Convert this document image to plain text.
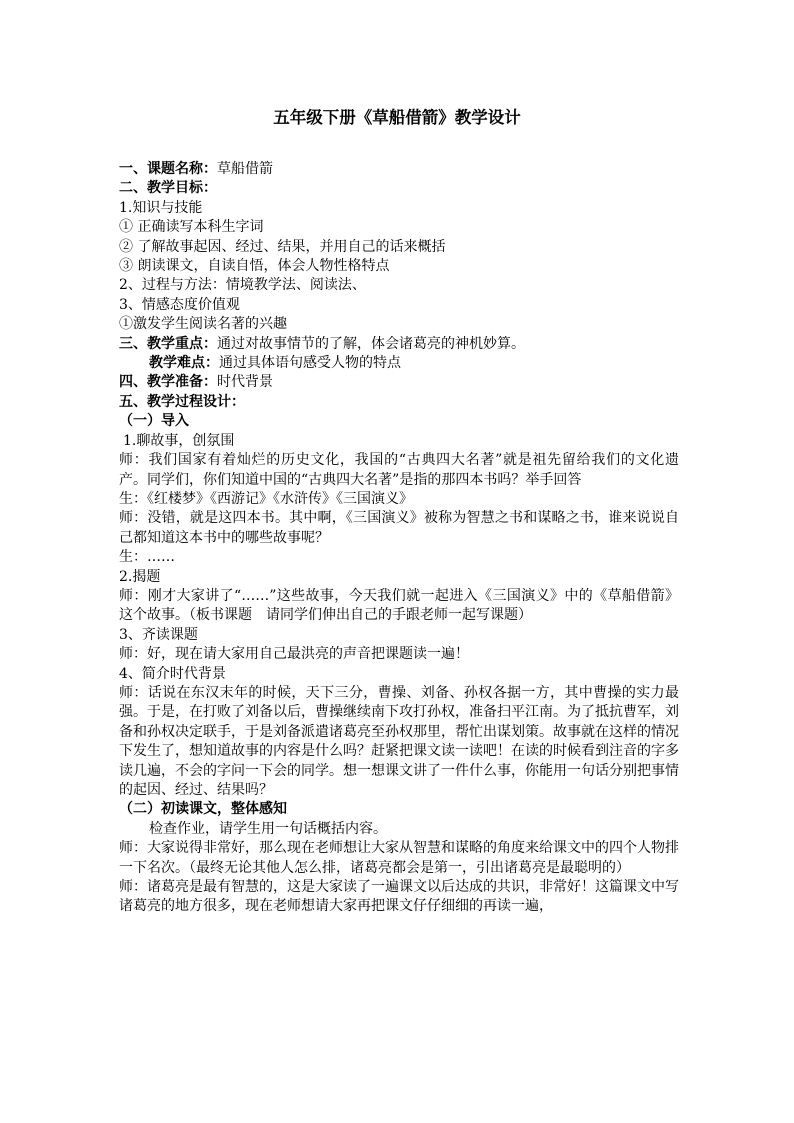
五年级下册《草船借箭》教学设计

一、课题名称：草船借箭

二、教学目标：

1.知识与技能

① 正确读写本科生字词

② 了解故事起因、经过、结果，并用自己的话来概括

③ 朗读课文，自读自悟，体会人物性格特点

2、过程与方法：情境教学法、阅读法、

3、情感态度价值观

①激发学生阅读名著的兴趣

三、教学重点：通过对故事情节的了解，体会诸葛亮的神机妙算。

教学难点：通过具体语句感受人物的特点

四、教学准备：时代背景

五、教学过程设计：

（一）导入

1.聊故事，创氛围

师：我们国家有着灿烂的历史文化，我国的“古典四大名著”就是祖先留给我们的文化遗产。同学们，你们知道中国的“古典四大名著”是指的那四本书吗？举手回答

生：《红楼梦》《西游记》《水浒传》《三国演义》

师：没错，就是这四本书。其中啊，《三国演义》被称为智慧之书和谋略之书，谁来说说自己都知道这本书中的哪些故事呢？

生：……

2.揭题

师：刚才大家讲了“……”这些故事，今天我们就一起进入《三国演义》中的《草船借箭》这个故事。（板书课题　请同学们伸出自己的手跟老师一起写课题）

3、齐读课题

师：好，现在请大家用自己最洪亮的声音把课题读一遍！

4、简介时代背景

师：话说在东汉末年的时候，天下三分，曹操、刘备、孙权各据一方，其中曹操的实力最强。于是，在打败了刘备以后，曹操继续南下攻打孙权，准备扫平江南。为了抵抗曹军，刘备和孙权决定联手，于是刘备派遣诸葛亮至孙权那里，帮忙出谋划策。故事就在这样的情况下发生了，想知道故事的内容是什么吗？赶紧把课文读一读吧！在读的时候看到注音的字多读几遍，不会的字问一下会的同学。想一想课文讲了一件什么事，你能用一句话分别把事情的起因、经过、结果吗？

（二）初读课文，整体感知

检查作业，请学生用一句话概括内容。

师：大家说得非常好，那么现在老师想让大家从智慧和谋略的角度来给课文中的四个人物排一下名次。（最终无论其他人怎么排，诸葛亮都会是第一，引出诸葛亮是最聪明的）

师：诸葛亮是最有智慧的，这是大家读了一遍课文以后达成的共识，非常好！这篇课文中写诸葛亮的地方很多，现在老师想请大家再把课文仔仔细细的再读一遍，
